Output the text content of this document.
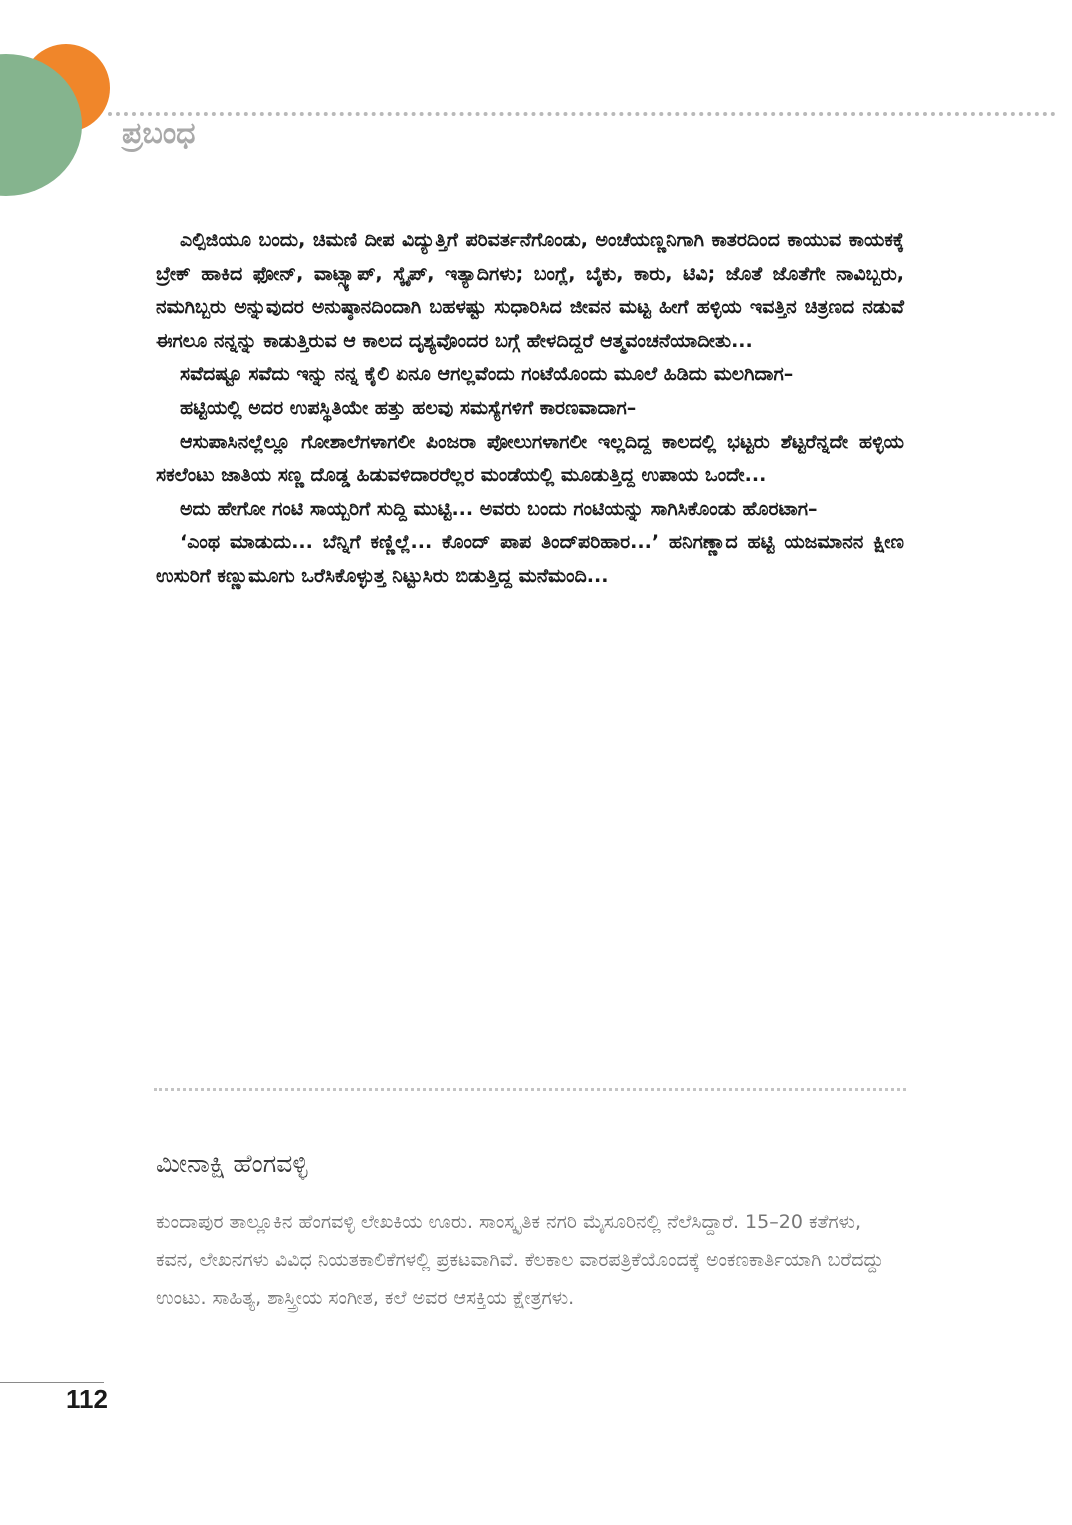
ಪ್ರಬಂಧ

ಎಲ್ಪಿಜಿಯೂ ಬಂದು, ಚಿಮಣಿ ದೀಪ ವಿದ್ಯುತ್ತಿಗೆ ಪರಿವರ್ತನೆಗೊಂಡು, ಅಂಚೆಯಣ್ಣನಿಗಾಗಿ ಕಾತರದಿಂದ ಕಾಯುವ ಕಾಯಕಕ್ಕೆ ಬ್ರೇಕ್ ಹಾಕಿದ ಫೋನ್, ವಾಟ್ಸ್ಯಾಪ್, ಸ್ಕೈಪ್, ಇತ್ಯಾದಿಗಳು; ಬಂಗ್ಲೆ, ಬೈಕು, ಕಾರು, ಟಿವಿ; ಜೊತೆ ಜೊತೆಗೇ ನಾವಿಬ್ಬರು, ನಮಗಿಬ್ಬರು ಅನ್ನುವುದರ ಅನುಷ್ಠಾನದಿಂದಾಗಿ ಬಹಳಷ್ಟು ಸುಧಾರಿಸಿದ ಜೀವನ ಮಟ್ಟ ಹೀಗೆ ಹಳ್ಳಿಯ ಇವತ್ತಿನ ಚಿತ್ರಣದ ನಡುವೆ ಈಗಲೂ ನನ್ನನ್ನು ಕಾಡುತ್ತಿರುವ ಆ ಕಾಲದ ದೃಶ್ಯವೊಂದರ ಬಗ್ಗೆ ಹೇಳದಿದ್ದರೆ ಆತ್ಮವಂಚನೆಯಾದೀತು...

ಸವೆದಷ್ಟೂ ಸವೆದು ಇನ್ನು ನನ್ನ ಕೈಲಿ ಏನೂ ಆಗಲ್ಲವೆಂದು ಗಂಟೆಯೊಂದು ಮೂಲೆ ಹಿಡಿದು ಮಲಗಿದಾಗ–

ಹಟ್ಟಿಯಲ್ಲಿ ಅದರ ಉಪಸ್ಥಿತಿಯೇ ಹತ್ತು ಹಲವು ಸಮಸ್ಯೆಗಳಿಗೆ ಕಾರಣವಾದಾಗ–

ಆಸುಪಾಸಿನಲ್ಲೆಲ್ಲೂ ಗೋಶಾಲೆಗಳಾಗಲೀ ಪಿಂಜರಾ ಪೋಲುಗಳಾಗಲೀ ಇಲ್ಲದಿದ್ದ ಕಾಲದಲ್ಲಿ ಭಟ್ಟರು ಶೆಟ್ಟರೆನ್ನದೇ ಹಳ್ಳಿಯ ಸಕಲೆಂಟು ಜಾತಿಯ ಸಣ್ಣ ದೊಡ್ಡ ಹಿಡುವಳಿದಾರರೆಲ್ಲರ ಮಂಡೆಯಲ್ಲಿ ಮೂಡುತ್ತಿದ್ದ ಉಪಾಯ ಒಂದೇ...

ಅದು ಹೇಗೋ ಗಂಟಿ ಸಾಯ್ಬರಿಗೆ ಸುದ್ದಿ ಮುಟ್ಟಿ... ಅವರು ಬಂದು ಗಂಟಿಯನ್ನು ಸಾಗಿಸಿಕೊಂಡು ಹೊರಟಾಗ–

‘ಎಂಥ ಮಾಡುದು... ಬೆನ್ನಿಗೆ ಕಣ್ಣಿಲ್ಲೆ... ಕೊಂದ್ ಪಾಪ ತಿಂದ್‌ಪರಿಹಾರ...’ ಹನಿಗಣ್ಣಾದ ಹಟ್ಟಿ ಯಜಮಾನನ ಕ್ಷೀಣ ಉಸುರಿಗೆ ಕಣ್ಣುಮೂಗು ಒರೆಸಿಕೊಳ್ಳುತ್ತ ನಿಟ್ಟುಸಿರು ಬಿಡುತ್ತಿದ್ದ ಮನೆಮಂದಿ...

ಮೀನಾಕ್ಷಿ ಹೆಂಗವಳ್ಳಿ

ಕುಂದಾಪುರ ತಾಲ್ಲೂಕಿನ ಹೆಂಗವಳ್ಳಿ ಲೇಖಕಿಯ ಊರು. ಸಾಂಸ್ಕೃತಿಕ ನಗರಿ ಮೈಸೂರಿನಲ್ಲಿ ನೆಲೆಸಿದ್ದಾರೆ. 15–20 ಕತೆಗಳು, ಕವನ, ಲೇಖನಗಳು ವಿವಿಧ ನಿಯತಕಾಲಿಕೆಗಳಲ್ಲಿ ಪ್ರಕಟವಾಗಿವೆ. ಕೆಲಕಾಲ ವಾರಪತ್ರಿಕೆಯೊಂದಕ್ಕೆ ಅಂಕಣಕಾರ್ತಿಯಾಗಿ ಬರೆದದ್ದು ಉಂಟು. ಸಾಹಿತ್ಯ, ಶಾಸ್ತ್ರೀಯ ಸಂಗೀತ, ಕಲೆ ಅವರ ಆಸಕ್ತಿಯ ಕ್ಷೇತ್ರಗಳು.

112
